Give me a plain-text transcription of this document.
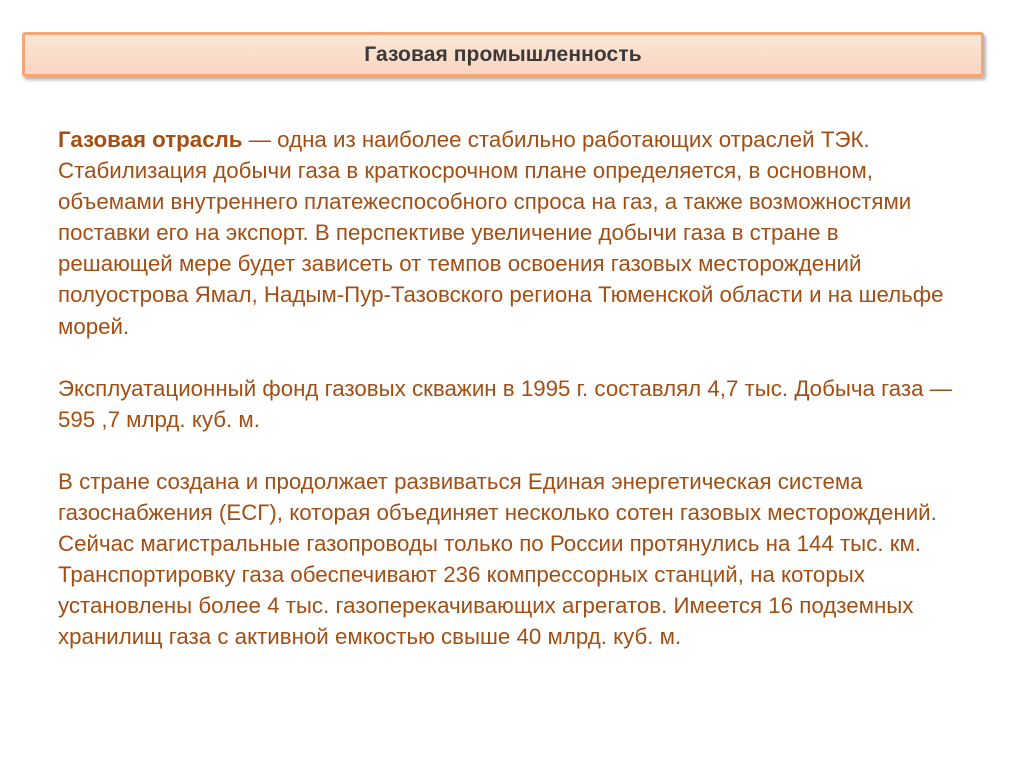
Газовая промышленность

Газовая отрасль — одна из наиболее стабильно работающих отраслей ТЭК. Стабилизация добычи газа в краткосрочном плане определяется, в основном, объемами внутреннего платежеспособного спроса на газ, а также возможностями поставки его на экспорт. В перспективе увеличение добычи газа в стране в решающей мере будет зависеть от темпов освоения газовых месторождений полуострова Ямал, Надым-Пур-Тазовского региона Тюменской области и на шельфе морей.

Эксплуатационный фонд газовых скважин в 1995 г. составлял 4,7 тыс. Добыча газа — 595 ,7 млрд. куб. м.

В стране создана и продолжает развиваться Единая энергетическая система газоснабжения (ЕСГ), которая объединяет несколько сотен газовых месторождений. Сейчас магистральные газопроводы только по России протянулись на 144 тыс. км. Транспортировку газа обеспечивают 236 компрессорных станций, на которых установлены более 4 тыс. газоперекачивающих агрегатов. Имеется 16 подземных хранилищ газа с активной емкостью свыше 40 млрд. куб. м.
